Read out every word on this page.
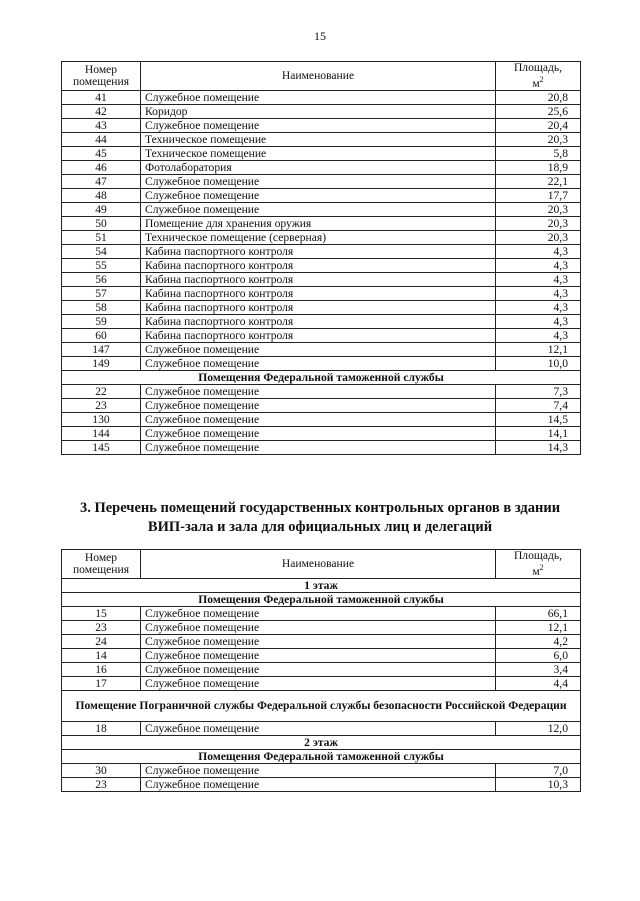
15
Номер
помещения	Наименование	Площадь,
$м^2$
41	Служебное помещение	20,8
42	Коридор	25,6
43	Служебное помещение	20,4
44	Техническое помещение	20,3
45	Техническое помещение	5,8
46	Фотолаборатория	18,9
47	Служебное помещение	22,1
48	Служебное помещение	17,7
49	Служебное помещение	20,3
50	Помещение для хранения оружия	20,3
51	Техническое помещение (серверная)	20,3
54	Кабина паспортного контроля	4,3
55	Кабина паспортного контроля	4,3
56	Кабина паспортного контроля	4,3
57	Кабина паспортного контроля	4,3
58	Кабина паспортного контроля	4,3
59	Кабина паспортного контроля	4,3
60	Кабина паспортного контроля	4,3
147	Служебное помещение	12,1
149	Служебное помещение	10,0
Помещения Федеральной таможенной службы		
22	Служебное помещение	7,3
23	Служебное помещение	7,4
130	Служебное помещение	14,5
144	Служебное помещение	14,1
145	Служебное помещение	14,3
3. Перечень помещений государственных контрольных органов в здании
ВИП-зала и зала для официальных лиц и делегаций
Номер
помещения	Наименование	Площадь,
$м^2$
1 этаж		
Помещения Федеральной таможенной службы		
15	Служебное помещение	66,1
23	Служебное помещение	12,1
24	Служебное помещение	4,2
14	Служебное помещение	6,0
16	Служебное помещение	3,4
17	Служебное помещение	4,4
Помещение Пограничной службы Федеральной службы безопасности Российской Федерации		
18	Служебное помещение	12,0
2 этаж		
Помещения Федеральной таможенной службы		
30	Служебное помещение	7,0
23	Служебное помещение	10,3
